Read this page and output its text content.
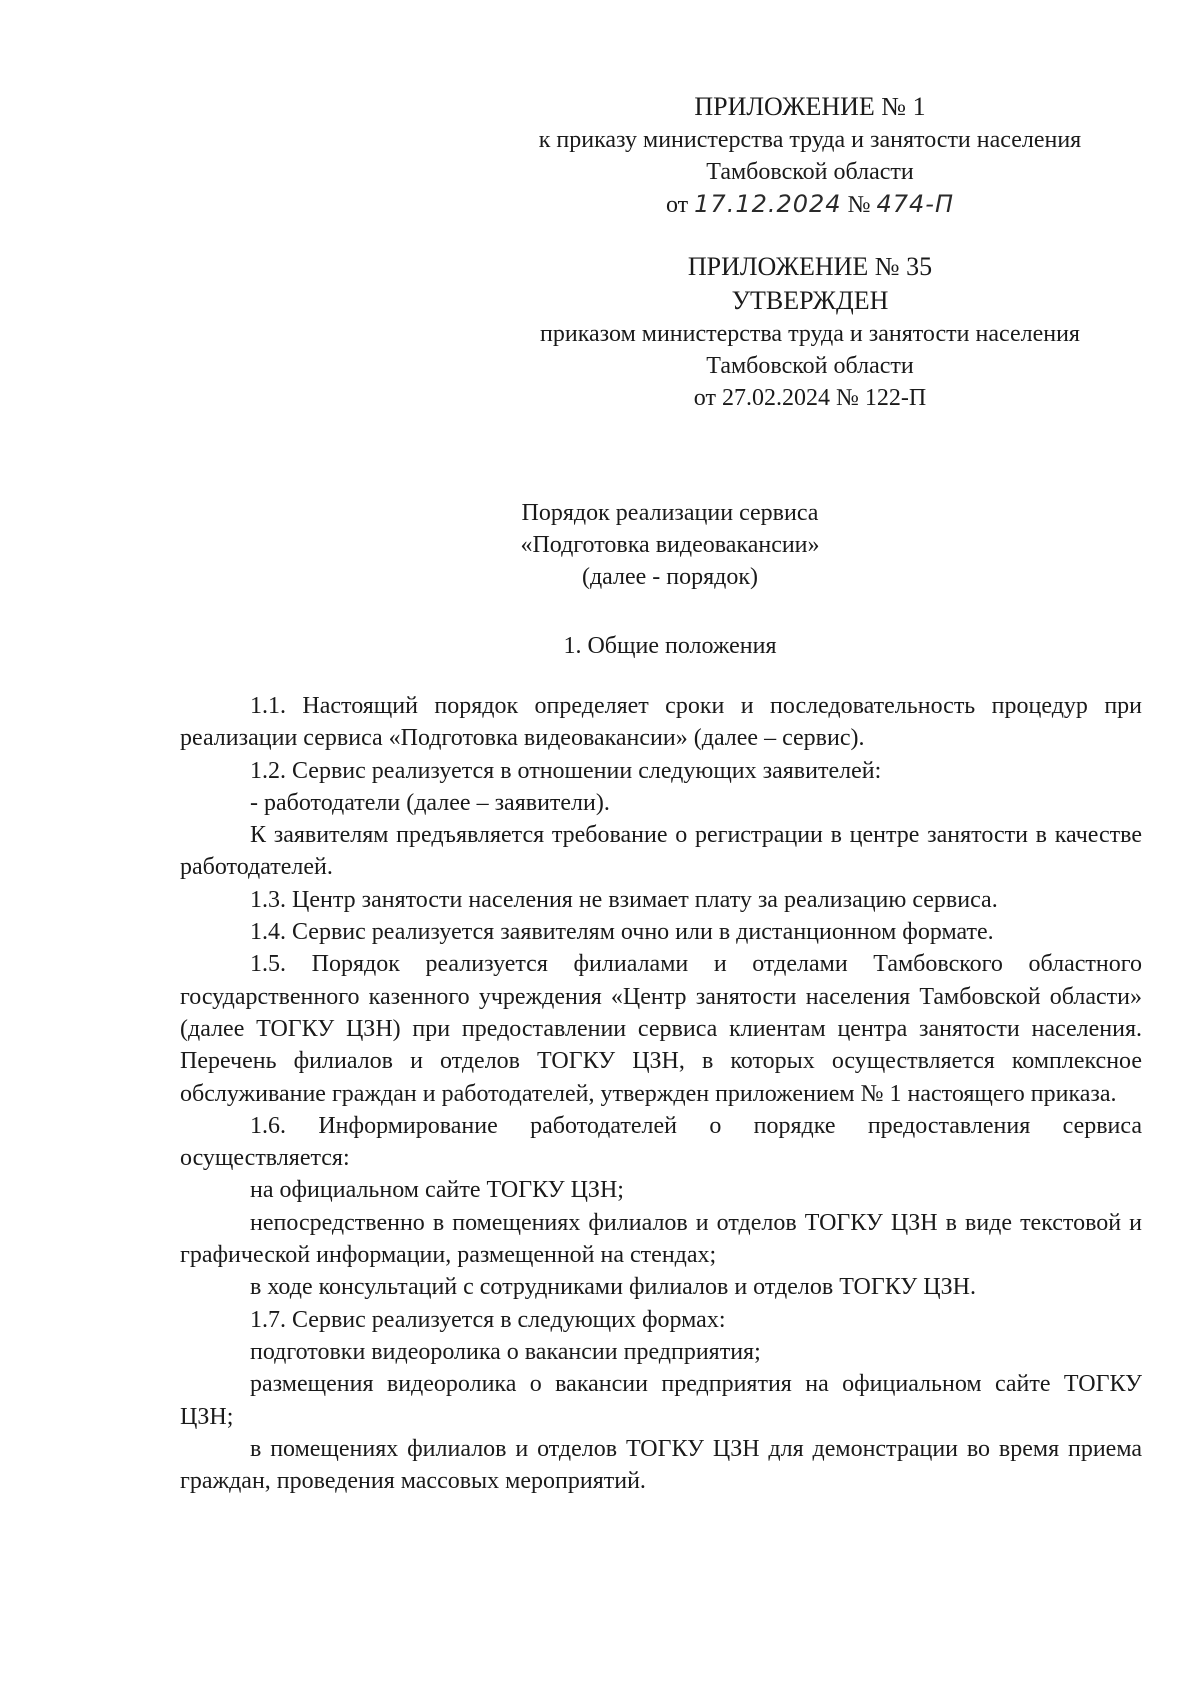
ПРИЛОЖЕНИЕ № 1
к приказу министерства труда и занятости населения
Тамбовской области
от 17.12.2024 № 474-П
ПРИЛОЖЕНИЕ № 35
УТВЕРЖДЕН
приказом министерства труда и занятости населения
Тамбовской области
от 27.02.2024 № 122-П
Порядок реализации сервиса
«Подготовка видеовакансии»
(далее - порядок)
1. Общие положения

1.1. Настоящий порядок определяет сроки и последовательность процедур при реализации сервиса «Подготовка видеовакансии» (далее – сервис).

1.2. Сервис реализуется в отношении следующих заявителей:

- работодатели (далее – заявители).

К заявителям предъявляется требование о регистрации в центре занятости в качестве работодателей.

1.3. Центр занятости населения не взимает плату за реализацию сервиса.

1.4. Сервис реализуется заявителям очно или в дистанционном формате.

1.5. Порядок реализуется филиалами и отделами Тамбовского областного государственного казенного учреждения «Центр занятости населения Тамбовской области» (далее ТОГКУ ЦЗН) при предоставлении сервиса клиентам центра занятости населения. Перечень филиалов и отделов ТОГКУ ЦЗН, в которых осуществляется комплексное обслуживание граждан и работодателей, утвержден приложением № 1 настоящего приказа.

1.6. Информирование работодателей о порядке предоставления сервиса осуществляется:

на официальном сайте ТОГКУ ЦЗН;

непосредственно в помещениях филиалов и отделов ТОГКУ ЦЗН в виде текстовой и графической информации, размещенной на стендах;

в ходе консультаций с сотрудниками филиалов и отделов ТОГКУ ЦЗН.

1.7. Сервис реализуется в следующих формах:

подготовки видеоролика о вакансии предприятия;

размещения видеоролика о вакансии предприятия на официальном сайте ТОГКУ ЦЗН;

в помещениях филиалов и отделов ТОГКУ ЦЗН для демонстрации во время приема граждан, проведения массовых мероприятий.
